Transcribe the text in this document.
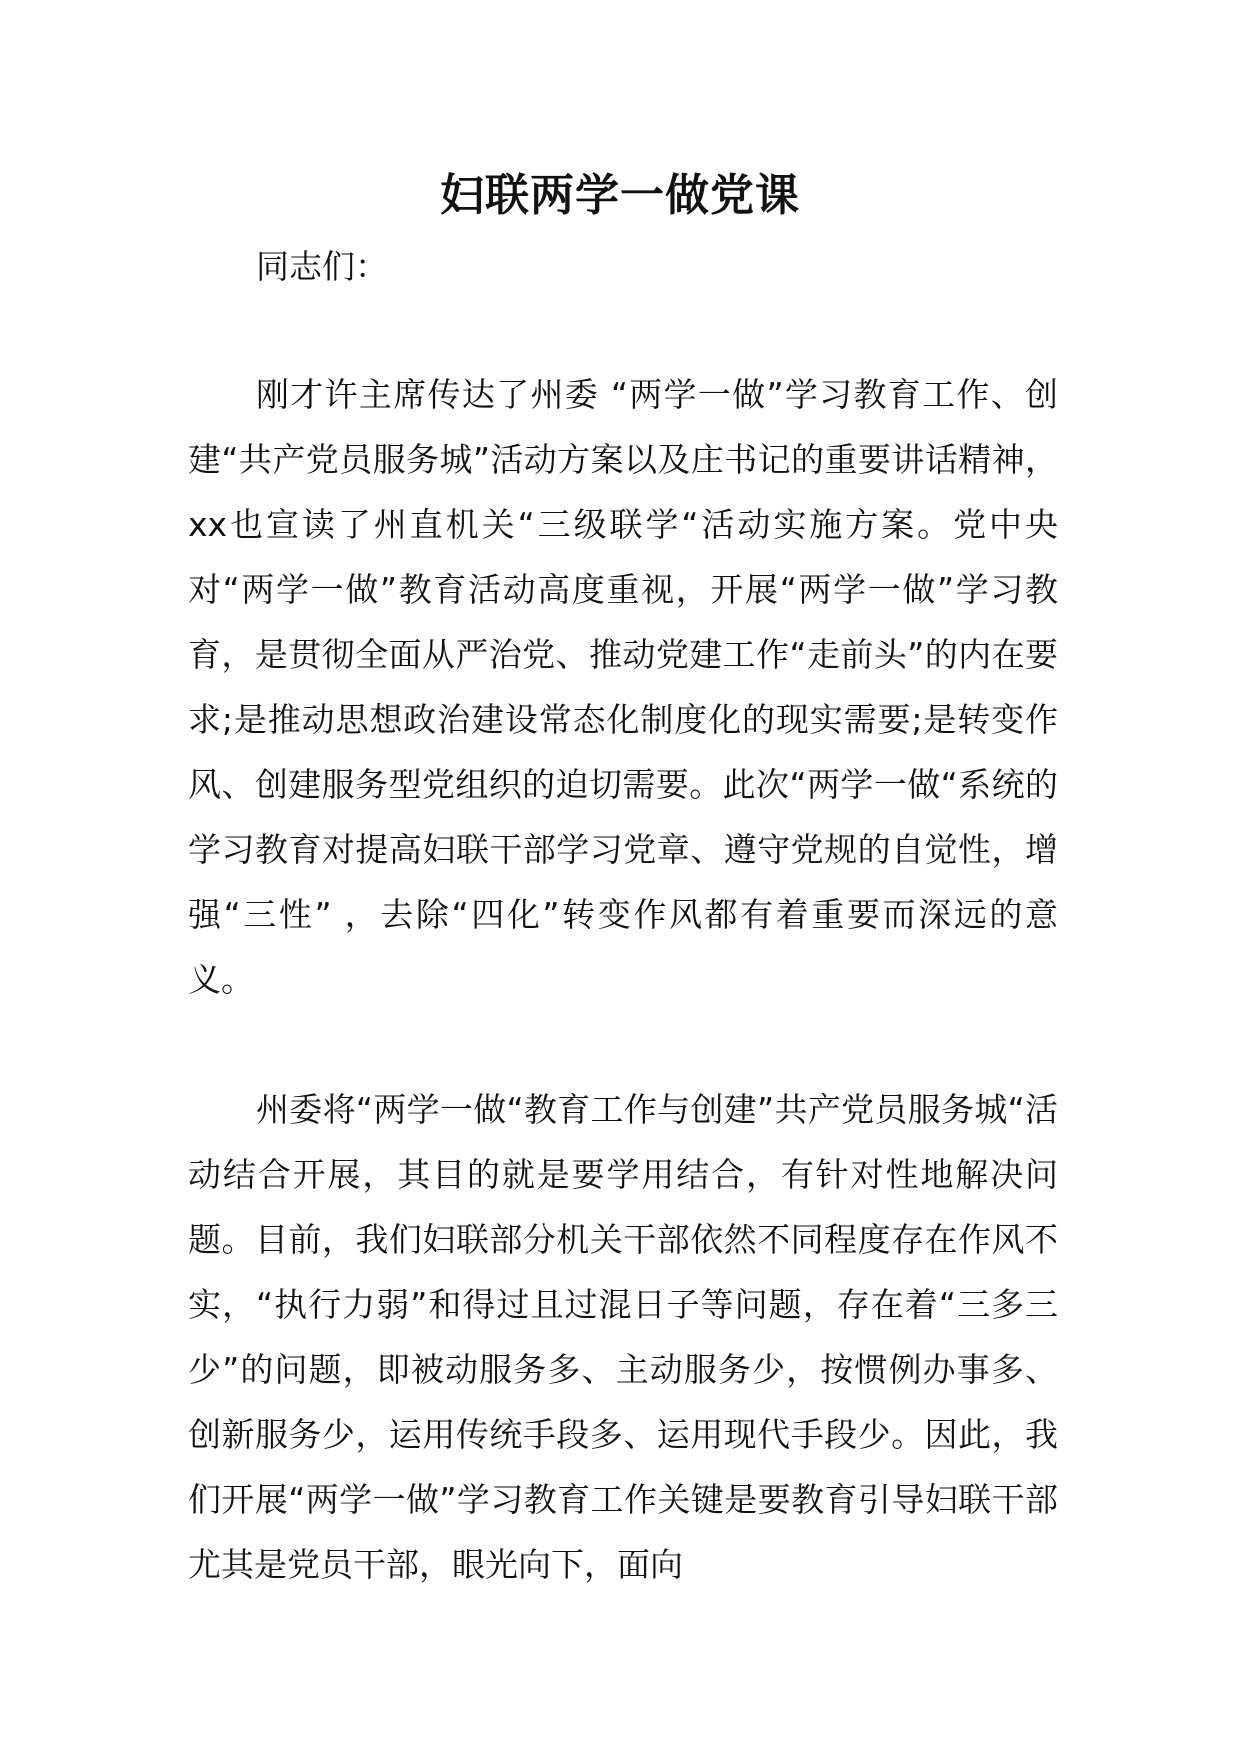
妇联两学一做党课

同志们：

刚才许主席传达了州委 “两学一做”学习教育工作、创建“共产党员服务城”活动方案以及庄书记的重要讲话精神，xx也宣读了州直机关“三级联学“活动实施方案。党中央对“两学一做”教育活动高度重视，开展“两学一做”学习教育，是贯彻全面从严治党、推动党建工作“走前头”的内在要求;是推动思想政治建设常态化制度化的现实需要;是转变作风、创建服务型党组织的迫切需要。此次“两学一做“系统的学习教育对提高妇联干部学习党章、遵守党规的自觉性，增强“三性” ，去除“四化”转变作风都有着重要而深远的意义。

州委将“两学一做“教育工作与创建”共产党员服务城“活动结合开展，其目的就是要学用结合，有针对性地解决问题。目前，我们妇联部分机关干部依然不同程度存在作风不实，“执行力弱”和得过且过混日子等问题，存在着“三多三少”的问题，即被动服务多、主动服务少，按惯例办事多、创新服务少，运用传统手段多、运用现代手段少。因此，我们开展“两学一做”学习教育工作关键是要教育引导妇联干部尤其是党员干部，眼光向下，面向
